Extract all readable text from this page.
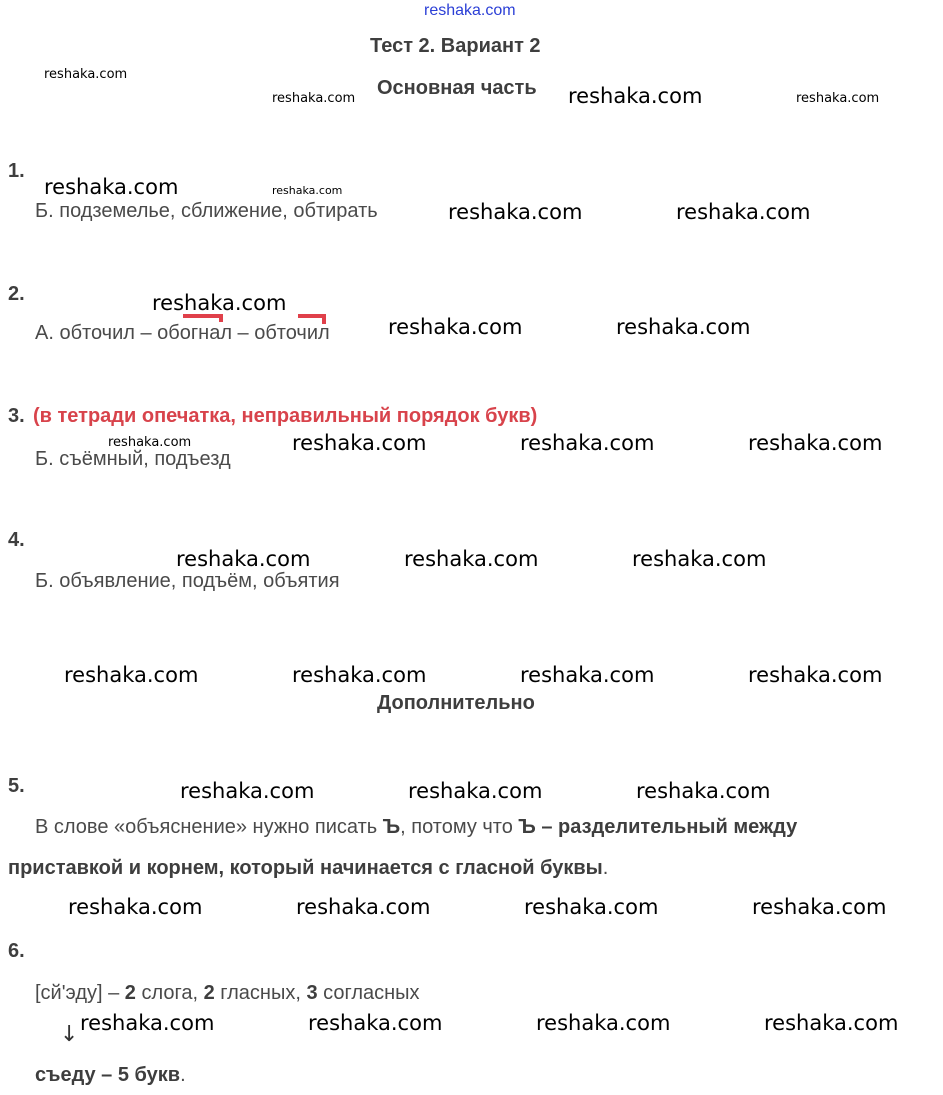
reshaka.com
Тест 2. Вариант 2
Основная часть
1.
Б. подземелье, сближение, обтирать
2.
А. обточил – обогнал – обточил
3. (в тетради опечатка, неправильный порядок букв)
Б. съёмный, подъезд
4.
Б. объявление, подъём, объятия
Дополнительно
5.
В слове «объяснение» нужно писать Ъ, потому что Ъ – разделительный между
приставкой и корнем, который начинается с гласной буквы.
6.
[сй'эду] – 2 слога, 2 гласных, 3 согласных
↓
съеду – 5 букв.
reshaka.com
reshaka.com	reshaka.com	reshaka.com
reshaka.com	reshaka.com
reshaka.com	reshaka.com
reshaka.com
reshaka.com	reshaka.com
reshaka.com	reshaka.com	reshaka.com	reshaka.com
reshaka.com	reshaka.com	reshaka.com
reshaka.com	reshaka.com	reshaka.com	reshaka.com
reshaka.com	reshaka.com	reshaka.com
reshaka.com	reshaka.com	reshaka.com	reshaka.com
reshaka.com	reshaka.com	reshaka.com	reshaka.com
